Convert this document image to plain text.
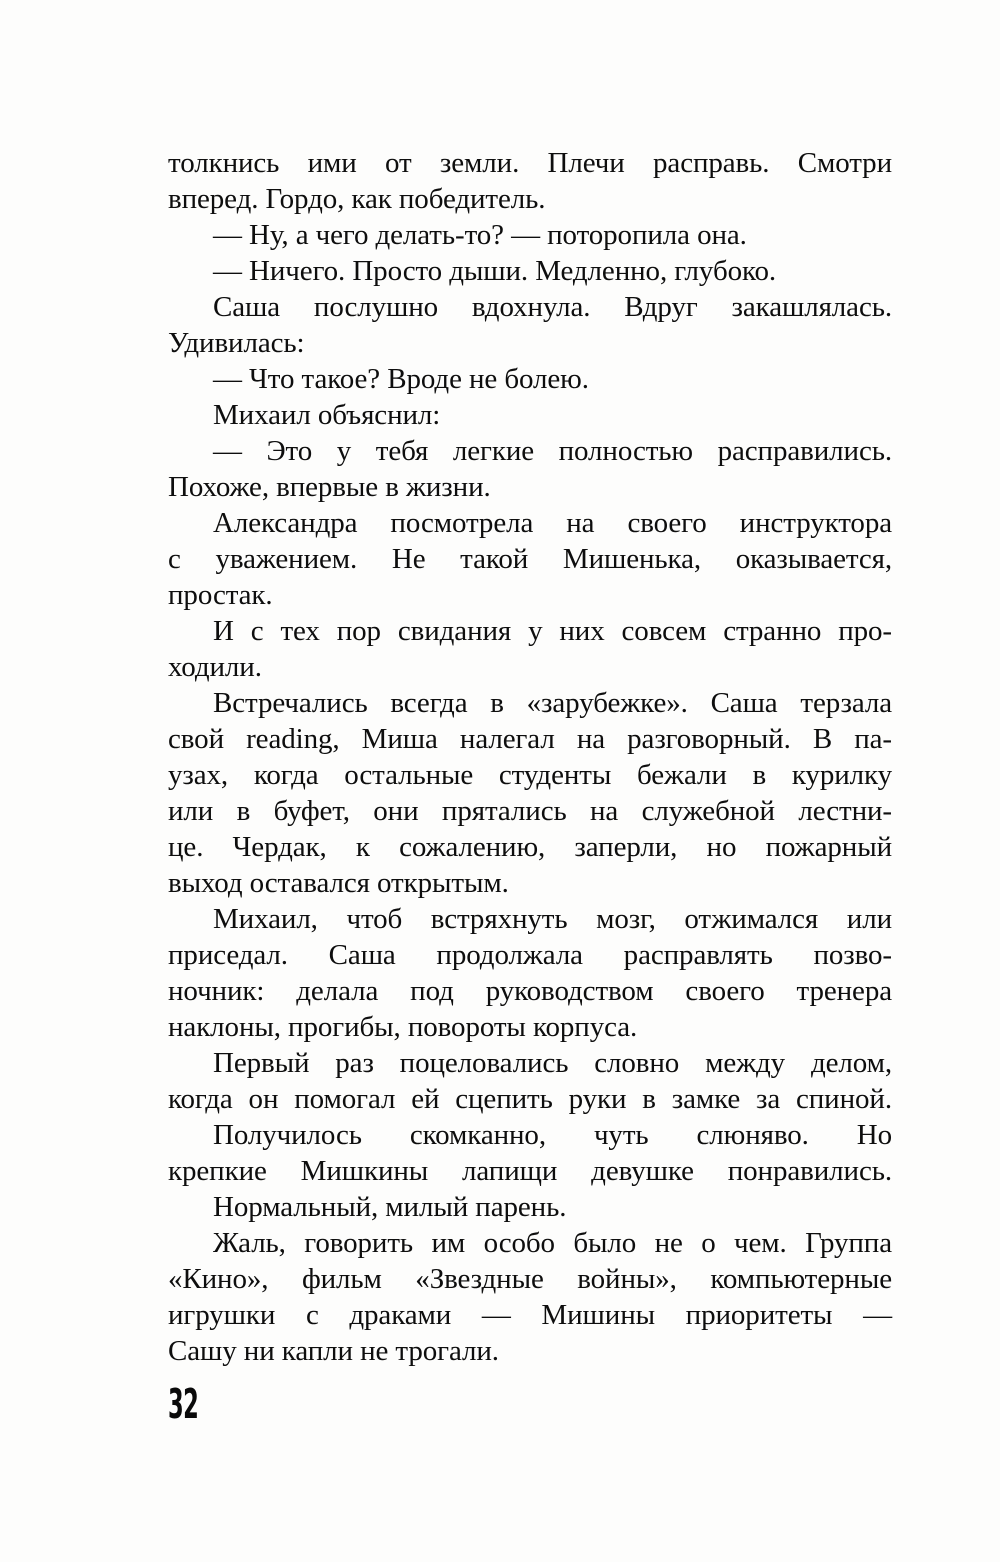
толкнись ими от земли. Плечи расправь. Смотри
вперед. Гордо, как победитель.
— Ну, а чего делать-то? — поторопила она.
— Ничего. Просто дыши. Медленно, глубоко.
Саша послушно вдохнула. Вдруг закашлялась.
Удивилась:
— Что такое? Вроде не болею.
Михаил объяснил:
— Это у тебя легкие полностью расправились.
Похоже, впервые в жизни.
Александра посмотрела на своего инструктора
с уважением. Не такой Мишенька, оказывается,
простак.
И с тех пор свидания у них совсем странно про-
ходили.
Встречались всегда в «зарубежке». Саша терзала
свой reading, Миша налегал на разговорный. В па-
узах, когда остальные студенты бежали в курилку
или в буфет, они прятались на служебной лестни-
це. Чердак, к сожалению, заперли, но пожарный
выход оставался открытым.
Михаил, чтоб встряхнуть мозг, отжимался или
приседал. Саша продолжала расправлять позво-
ночник: делала под руководством своего тренера
наклоны, прогибы, повороты корпуса.
Первый раз поцеловались словно между делом,
когда он помогал ей сцепить руки в замке за спиной.
Получилось скомканно, чуть слюняво. Но
крепкие Мишкины лапищи девушке понравились.
Нормальный, милый парень.
Жаль, говорить им особо было не о чем. Группа
«Кино», фильм «Звездные войны», компьютерные
игрушки с драками — Мишины приоритеты —
Сашу ни капли не трогали.
32
